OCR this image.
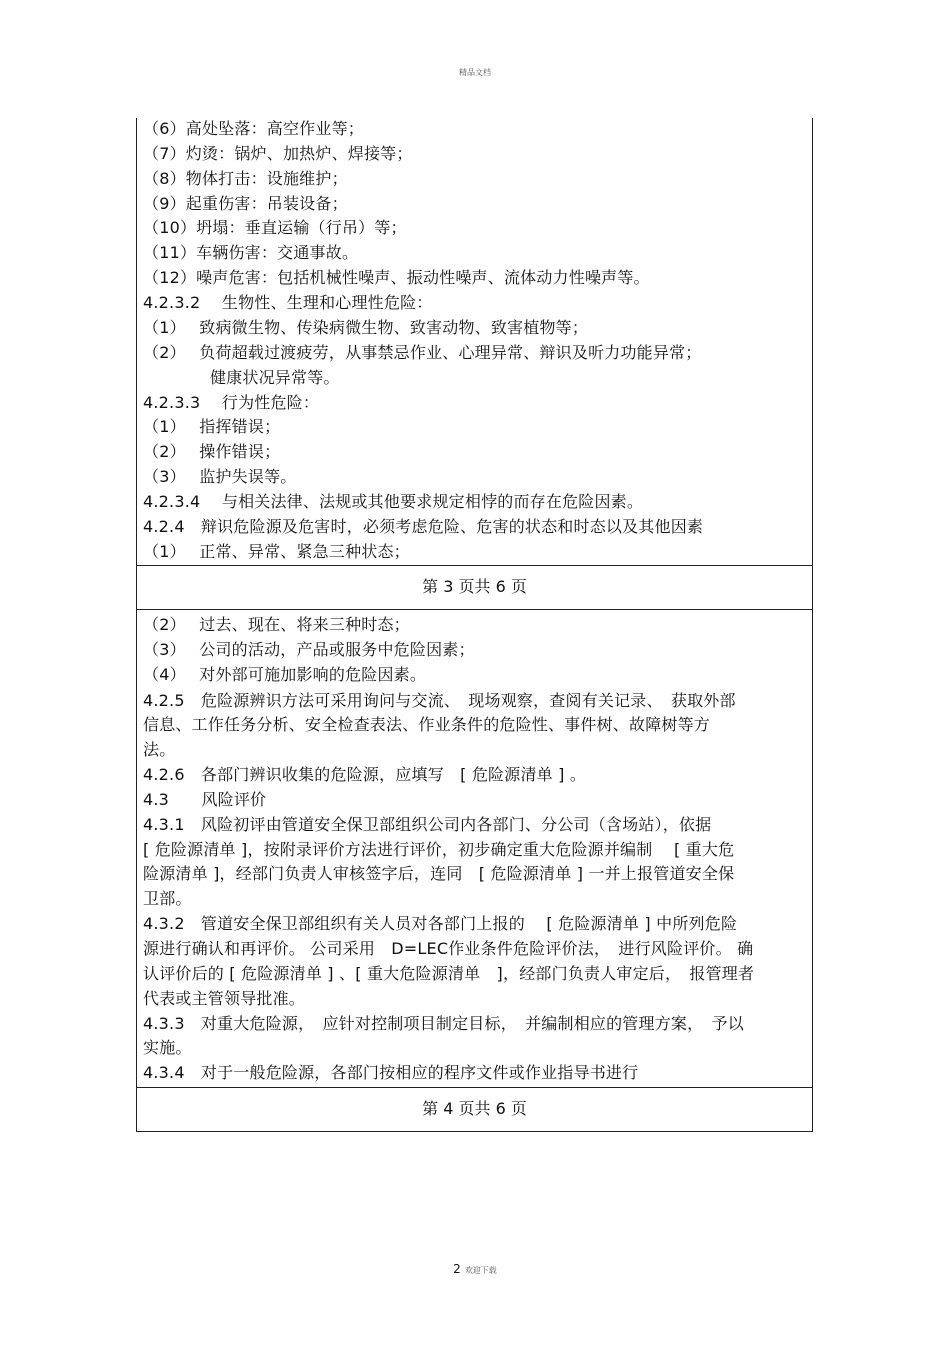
精品文档
（6）高处坠落：高空作业等；
（7）灼烫：锅炉、加热炉、焊接等；
（8）物体打击：设施维护；
（9）起重伤害：吊装设备；
（10）坍塌：垂直运输（行吊）等；
（11）车辆伤害：交通事故。
（12）噪声危害：包括机械性噪声、振动性噪声、流体动力性噪声等。
4.2.3.2　 生物性、生理和心理性危险：
（1）　 致病微生物、传染病微生物、致害动物、致害植物等；
（2）　 负荷超载过渡疲劳，从事禁忌作业、心理异常、辩识及听力功能异常；
健康状况异常等。
4.2.3.3　 行为性危险：
（1）　 指挥错误；
（2）　 操作错误；
（3）　 监护失误等。
4.2.3.4　 与相关法律、法规或其他要求规定相悖的而存在危险因素。
4.2.4　辩识危险源及危害时，必须考虑危险、危害的状态和时态以及其他因素
（1）　 正常、异常、紧急三种状态；
第 3 页共 6 页
（2）　 过去、现在、将来三种时态；
（3）　 公司的活动，产品或服务中危险因素；
（4）　 对外部可施加影响的危险因素。
4.2.5　危险源辨识方法可采用询问与交流、　现场观察，查阅有关记录、　获取外部
信息、工作任务分析、安全检查表法、作业条件的危险性、事件树、故障树等方
法。
4.2.6　各部门辨识收集的危险源，应填写　[ 危险源清单 ] 。
4.3　　风险评价
4.3.1　风险初评由管道安全保卫部组织公司内各部门、分公司（含场站），依据
[ 危险源清单 ]，按附录评价方法进行评价，初步确定重大危险源并编制　 [ 重大危
险源清单 ]，经部门负责人审核签字后，连同　[ 危险源清单 ] 一并上报管道安全保
卫部。
4.3.2　管道安全保卫部组织有关人员对各部门上报的　 [ 危险源清单 ] 中所列危险
源进行确认和再评价。 公司采用　D=LEC作业条件危险评价法，　进行风险评价。 确
认评价后的 [ 危险源清单 ] 、[ 重大危险源清单　]，经部门负责人审定后，　报管理者
代表或主管领导批准。
4.3.3　对重大危险源，　应针对控制项目制定目标，　并编制相应的管理方案，　予以
实施。
4.3.4　对于一般危险源，各部门按相应的程序文件或作业指导书进行
第 4 页共 6 页
2 欢迎下载
